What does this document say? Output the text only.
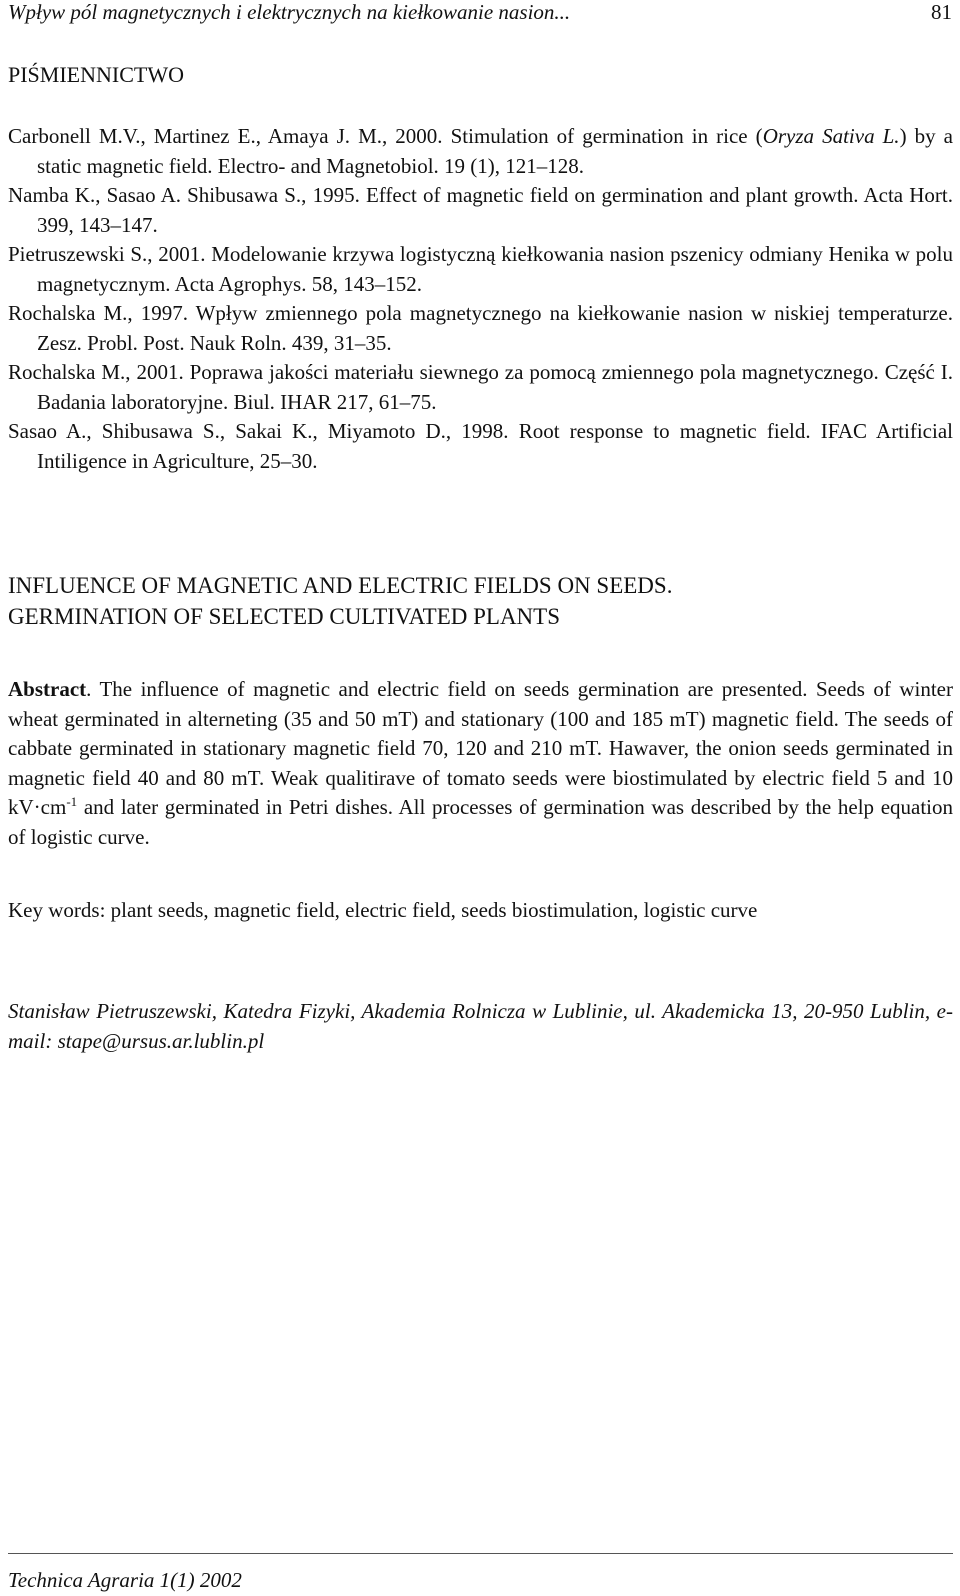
Wpływ pól magnetycznych i elektrycznych na kiełkowanie nasion...	81
PIŚMIENNICTWO

Carbonell M.V., Martinez E., Amaya J. M., 2000. Stimulation of germination in rice (Oryza Sativa L.) by a static magnetic field. Electro- and Magnetobiol. 19 (1), 121–128.

Namba K., Sasao A. Shibusawa S., 1995. Effect of magnetic field on germination and plant growth. Acta Hort. 399, 143–147.

Pietruszewski S., 2001. Modelowanie krzywa logistyczną kiełkowania nasion pszenicy odmiany Henika w polu magnetycznym. Acta Agrophys. 58, 143–152.

Rochalska M., 1997. Wpływ zmiennego pola magnetycznego na kiełkowanie nasion w niskiej temperaturze. Zesz. Probl. Post. Nauk Roln. 439, 31–35.

Rochalska M., 2001. Poprawa jakości materiału siewnego za pomocą zmiennego pola magnetycznego. Część I. Badania laboratoryjne. Biul. IHAR 217, 61–75.

Sasao A., Shibusawa S., Sakai K., Miyamoto D., 1998. Root response to magnetic field. IFAC Artificial Intiligence in Agriculture, 25–30.

INFLUENCE OF MAGNETIC AND ELECTRIC FIELDS ON SEEDS.
GERMINATION OF SELECTED CULTIVATED PLANTS

Abstract. The influence of magnetic and electric field on seeds germination are presented. Seeds of winter wheat germinated in alterneting (35 and 50 mT) and stationary (100 and 185 mT) magnetic field. The seeds of cabbate germinated in stationary magnetic field 70, 120 and 210 mT. Hawaver, the onion seeds germinated in magnetic field 40 and 80 mT. Weak qualitirave of tomato seeds were biostimulated by electric field 5 and 10 $kV\cdot cm^{-1}$ and later germinated in Petri dishes. All processes of germination was described by the help equation of logistic curve.

Key words: plant seeds, magnetic field, electric field, seeds biostimulation, logistic curve

Stanisław Pietruszewski, Katedra Fizyki, Akademia Rolnicza w Lublinie, ul. Akademicka 13, 20-950 Lublin, e-mail: stape@ursus.ar.lublin.pl

Technica Agraria 1(1) 2002
